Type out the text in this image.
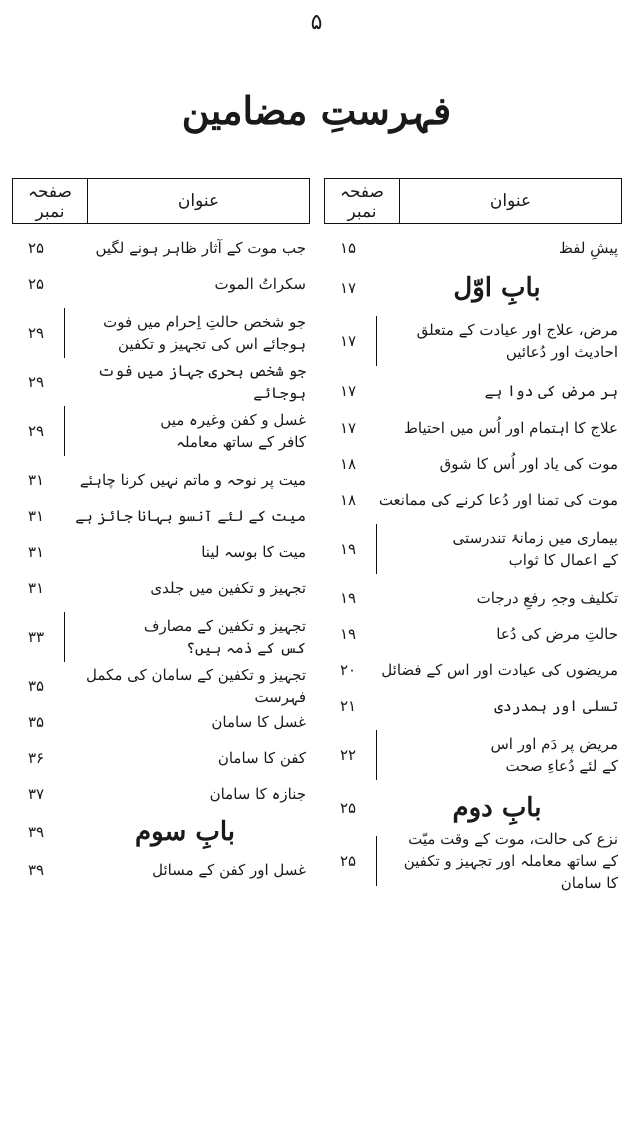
۵
فہرستِ مضامین
عنوان
صفحہ نمبر
پیشِ لفظ
۱۵
بابِ اوّل
۱۷
مرض، علاج اور عیادت کے متعلق
احادیث اور دُعائیں
۱۷
ہر مرض کی دوا ہے
۱۷
علاج کا اہتمام اور اُس میں احتیاط
۱۷
موت کی یاد اور اُس کا شوق
۱۸
موت کی تمنا اور دُعا کرنے کی ممانعت
۱۸
بیماری میں زمانۂ تندرستی
کے اعمال کا ثواب
۱۹
تکلیف وجہِ رفعِ درجات
۱۹
حالتِ مرض کی دُعا
۱۹
مریضوں کی عیادت اور اس کے فضائل
۲۰
تسلی اور ہمدردی
۲۱
مریض پر دَم اور اس
کے لئے دُعاءِ صحت
۲۲
بابِ دوم
۲۵
نزع کی حالت، موت کے وقت میّت
کے ساتھ معاملہ اور تجہیز و تکفین کا سامان
۲۵
عنوان
صفحہ نمبر
جب موت کے آثار ظاہر ہونے لگیں
۲۵
سکراتُ الموت
۲۵
جو شخص حالتِ اِحرام میں فوت
ہوجائے اس کی تجہیز و تکفین
۲۹
جو شخص بحری جہاز میں فوت ہوجائے
۲۹
غسل و کفن وغیرہ میں
کافر کے ساتھ معاملہ
۲۹
میت پر نوحہ و ماتم نہیں کرنا چاہئے
۳۱
میت کے لئے آنسو بہانا جائز ہے
۳۱
میت کا بوسہ لینا
۳۱
تجہیز و تکفین میں جلدی
۳۱
تجہیز و تکفین کے مصارف
کس کے ذمہ ہیں؟
۳۳
تجہیز و تکفین کے سامان کی مکمل فہرست
۳۵
غسل کا سامان
۳۵
کفن کا سامان
۳۶
جنازہ کا سامان
۳۷
بابِ سوم
۳۹
غسل اور کفن کے مسائل
۳۹
